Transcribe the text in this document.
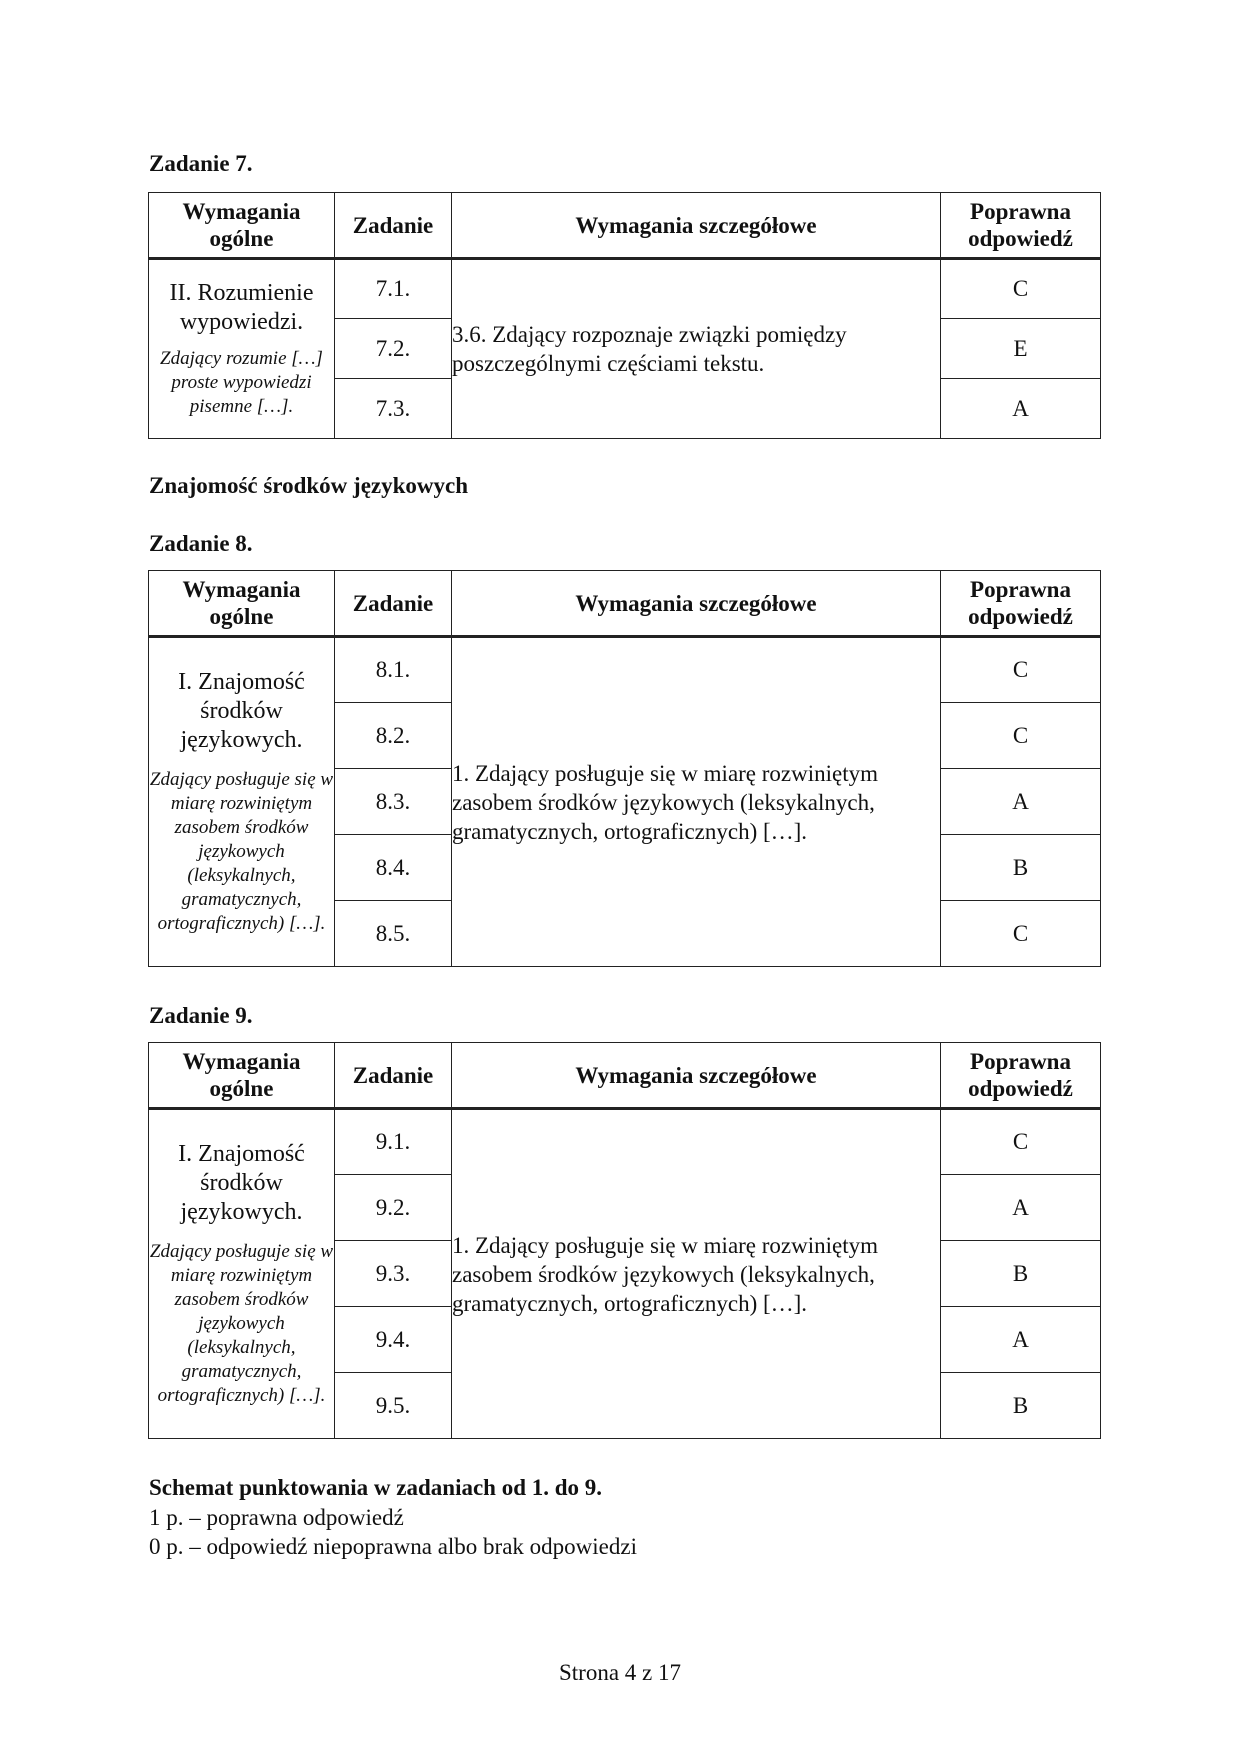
Zadanie 7.
Wymagania ogólne	Zadanie	Wymagania szczegółowe	Poprawna odpowiedź

II. Rozumienie wypowiedzi.
Zdający rozumie […] proste wypowiedzi pisemne […].	7.1.	3.6. Zdający rozpoznaje związki pomiędzy poszczególnymi częściami tekstu.	C
	7.2.		E
	7.3.		A
Znajomość środków językowych
Zadanie 8.
Wymagania ogólne	Zadanie	Wymagania szczegółowe	Poprawna odpowiedź

I. Znajomość środków językowych.
Zdający posługuje się w miarę rozwiniętym zasobem środków językowych (leksykalnych, gramatycznych, ortograficznych) […].	8.1.	1. Zdający posługuje się w miarę rozwiniętym zasobem środków językowych (leksykalnych, gramatycznych, ortograficznych) […].	C
	8.2.		C
	8.3.		A
	8.4.		B
	8.5.		C
Zadanie 9.
Wymagania ogólne	Zadanie	Wymagania szczegółowe	Poprawna odpowiedź

I. Znajomość środków językowych.
Zdający posługuje się w miarę rozwiniętym zasobem środków językowych (leksykalnych, gramatycznych, ortograficznych) […].	9.1.	1. Zdający posługuje się w miarę rozwiniętym zasobem środków językowych (leksykalnych, gramatycznych, ortograficznych) […].	C
	9.2.		A
	9.3.		B
	9.4.		A
	9.5.		B
Schemat punktowania w zadaniach od 1. do 9.
1 p. – poprawna odpowiedź
0 p. – odpowiedź niepoprawna albo brak odpowiedzi
Strona 4 z 17
